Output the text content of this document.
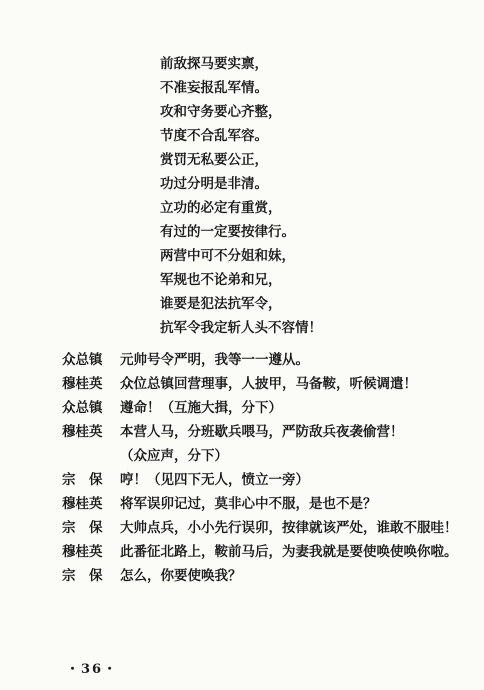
前敌探马要实禀，
不准妄报乱军情。
攻和守务要心齐整，
节度不合乱军容。
赏罚无私要公正，
功过分明是非清。
立功的必定有重赏，
有过的一定要按律行。
两营中可不分姐和妹，
军规也不论弟和兄，
谁要是犯法抗军令，
抗军令我定斩人头不容情！
众总镇	元帅号令严明，我等一一遵从。
穆桂英	众位总镇回营理事，人披甲，马备鞍，听候调遣！
众总镇	遵命！（互施大揖，分下）
穆桂英	本营人马，分班歇兵喂马，严防敌兵夜袭偷营！
（众应声，分下）
宗　保	哼！（见四下无人，愤立一旁）
穆桂英	将军误卯记过，莫非心中不服，是也不是？
宗　保	大帅点兵，小小先行误卯，按律就该严处，谁敢不服哇！
穆桂英	此番征北路上，鞍前马后，为妻我就是要使唤使唤你啦。
宗　保	怎么，你要使唤我？
・36・
